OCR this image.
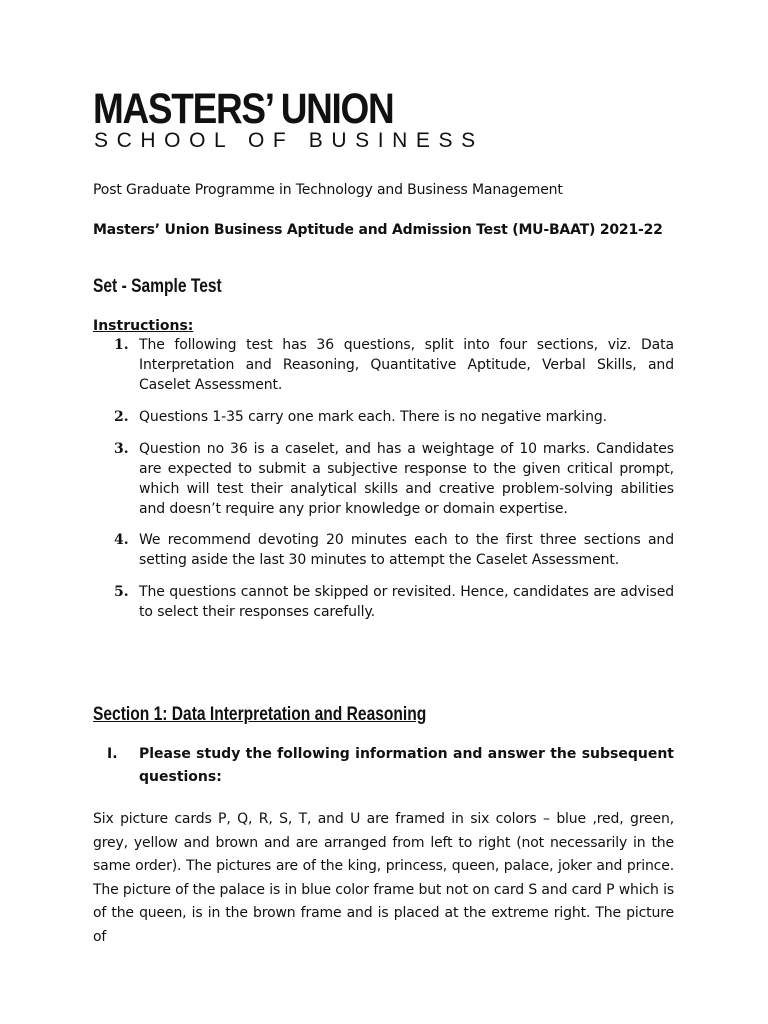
MASTERS’ UNION
SCHOOL OF BUSINESS
Post Graduate Programme in Technology and Business Management
Masters’ Union Business Aptitude and Admission Test (MU-BAAT) 2021-22
Set - Sample Test
Instructions:
1. The following test has 36 questions, split into four sections, viz. Data Interpretation and Reasoning, Quantitative Aptitude, Verbal Skills, and Caselet Assessment.
2. Questions 1-35 carry one mark each. There is no negative marking.
3. Question no 36 is a caselet, and has a weightage of 10 marks. Candidates are expected to submit a subjective response to the given critical prompt, which will test their analytical skills and creative problem-solving abilities and doesn’t require any prior knowledge or domain expertise.
4. We recommend devoting 20 minutes each to the first three sections and setting aside the last 30 minutes to attempt the Caselet Assessment.
5. The questions cannot be skipped or revisited. Hence, candidates are advised to select their responses carefully.
Section 1: Data Interpretation and Reasoning
I. Please study the following information and answer the subsequent questions:
Six picture cards P, Q, R, S, T, and U are framed in six colors – blue ,red, green, grey, yellow and brown and are arranged from left to right (not necessarily in the same order). The pictures are of the king, princess, queen, palace, joker and prince. The picture of the palace is in blue color frame but not on card S and card P which is of the queen, is in the brown frame and is placed at the extreme right. The picture of
